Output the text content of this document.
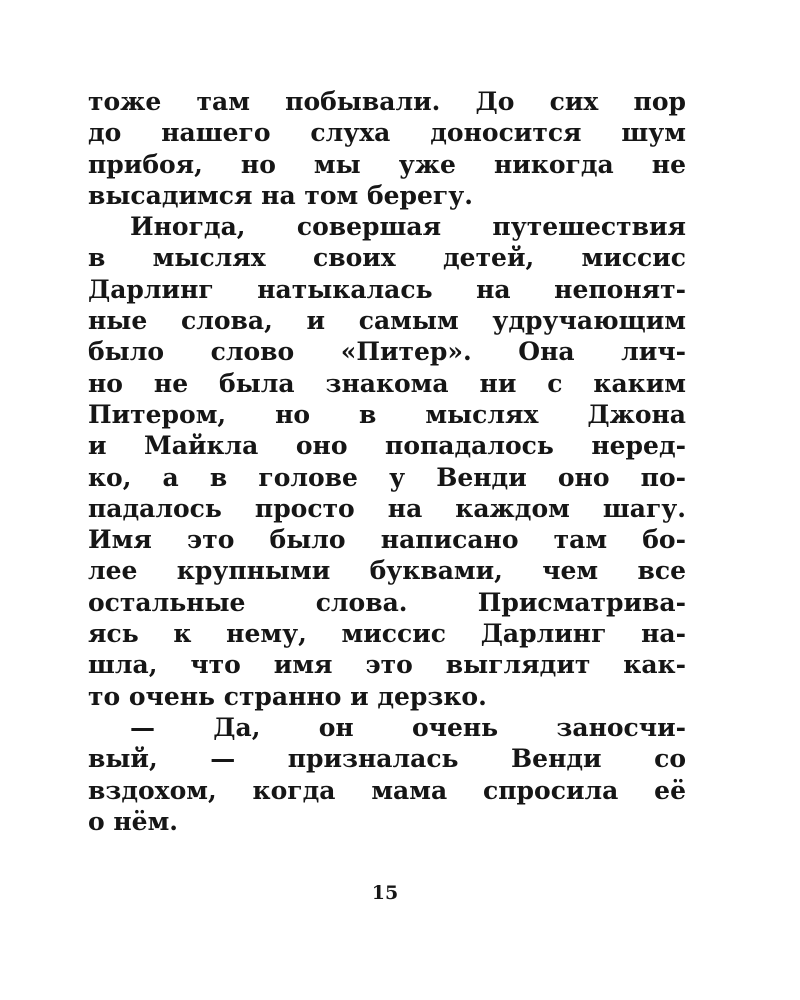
тоже там побывали. До сих пор
до нашего слуха доносится шум
прибоя, но мы уже никогда не
высадимся на том берегу.
Иногда, совершая путешествия
в мыслях своих детей, миссис
Дарлинг натыкалась на непонят-
ные слова, и самым удручающим
было слово «Питер». Она лич-
но не была знакома ни с каким
Питером, но в мыслях Джона
и Майкла оно попадалось неред-
ко, а в голове у Венди оно по-
падалось просто на каждом шагу.
Имя это было написано там бо-
лее крупными буквами, чем все
остальные слова. Присматрива-
ясь к нему, миссис Дарлинг на-
шла, что имя это выглядит как-
то очень странно и дерзко.
— Да, он очень заносчи-
вый, — призналась Венди со
вздохом, когда мама спросила её
о нём.
15
